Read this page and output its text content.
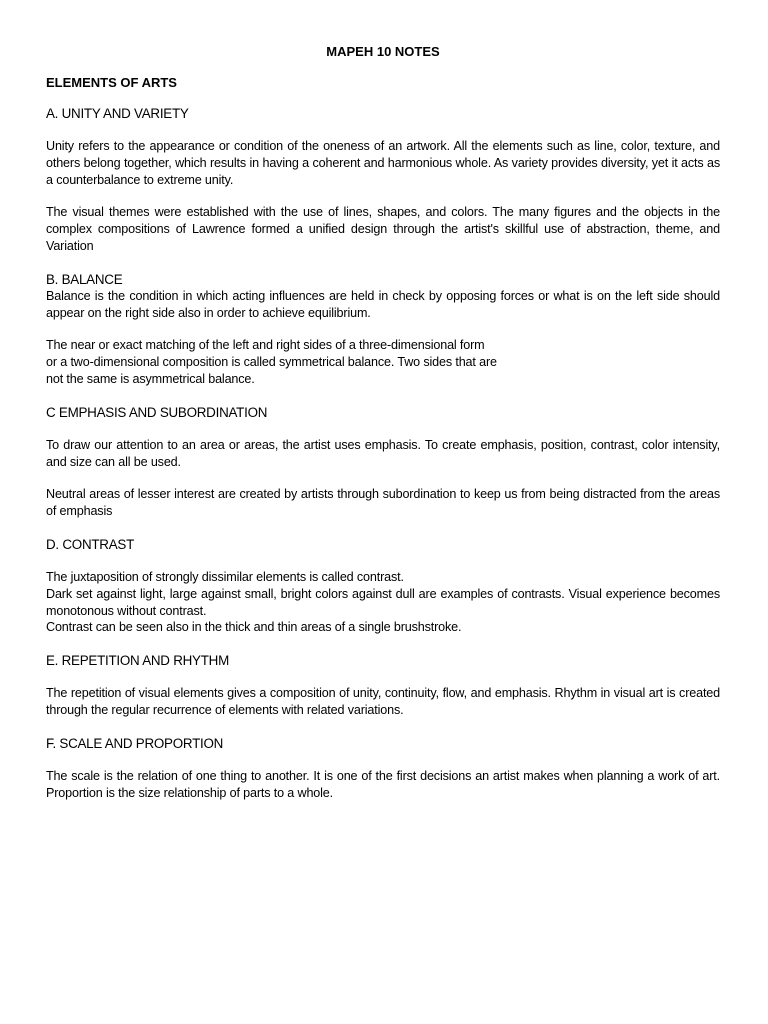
MAPEH 10 NOTES

ELEMENTS OF ARTS

A. UNITY AND VARIETY

Unity refers to the appearance or condition of the oneness of an artwork. All the elements such as line, color, texture, and others belong together, which results in having a coherent and harmonious whole. As variety provides diversity, yet it acts as a counterbalance to extreme unity.

The visual themes were established with the use of lines, shapes, and colors. The many figures and the objects in the complex compositions of Lawrence formed a unified design through the artist's skillful use of abstraction, theme, and Variation

B. BALANCE

Balance is the condition in which acting influences are held in check by opposing forces or what is on the left side should appear on the right side also in order to achieve equilibrium.

The near or exact matching of the left and right sides of a three-dimensional form
or a two-dimensional composition is called symmetrical balance. Two sides that are
not the same is asymmetrical balance.

C EMPHASIS AND SUBORDINATION

To draw our attention to an area or areas, the artist uses emphasis. To create emphasis, position, contrast, color intensity, and size can all be used.

Neutral areas of lesser interest are created by artists through subordination to keep us from being distracted from the areas of emphasis

D. CONTRAST

The juxtaposition of strongly dissimilar elements is called contrast.

Dark set against light, large against small, bright colors against dull are examples of contrasts. Visual experience becomes monotonous without contrast.

Contrast can be seen also in the thick and thin areas of a single brushstroke.

E. REPETITION AND RHYTHM

The repetition of visual elements gives a composition of unity, continuity, flow, and emphasis. Rhythm in visual art is created through the regular recurrence of elements with related variations.

F. SCALE AND PROPORTION

The scale is the relation of one thing to another. It is one of the first decisions an artist makes when planning a work of art. Proportion is the size relationship of parts to a whole.
